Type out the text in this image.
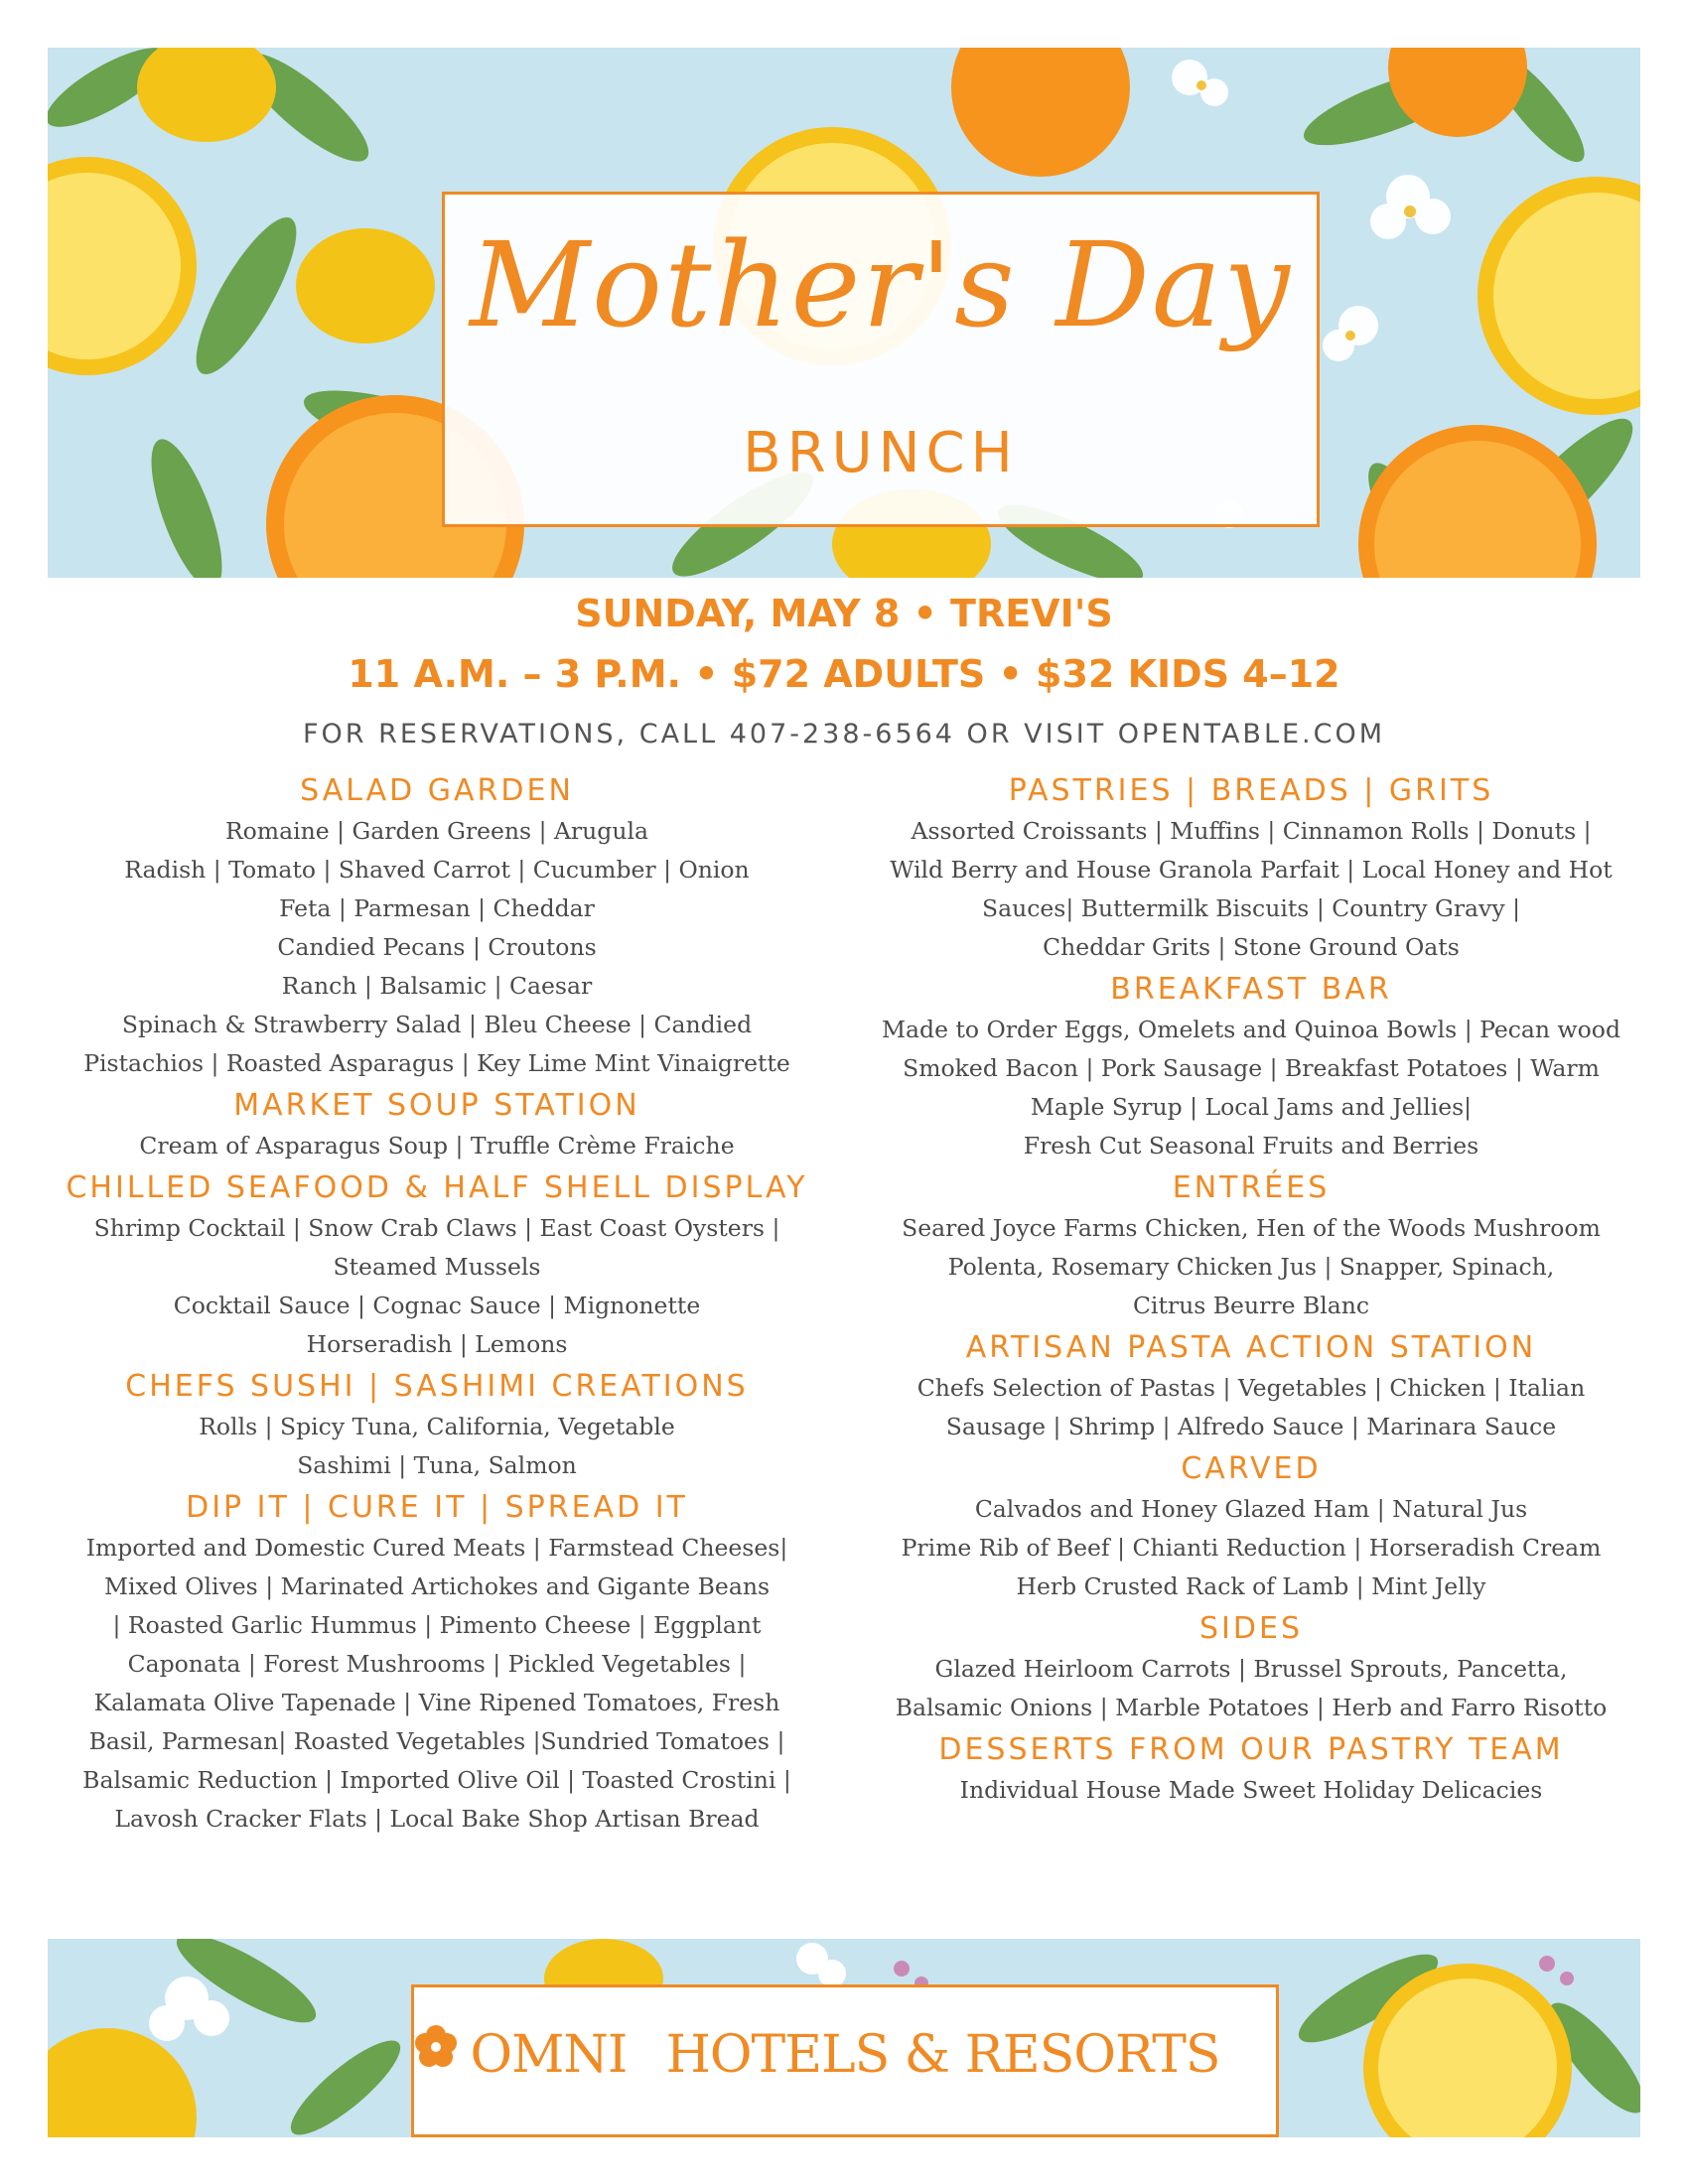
Mother's Day
BRUNCH
SUNDAY, MAY 8 • TREVI'S
11 A.M. – 3 P.M. • $72 ADULTS • $32 KIDS 4–12
FOR RESERVATIONS, CALL 407-238-6564 OR VISIT OPENTABLE.COM
SALAD GARDEN
Romaine | Garden Greens | Arugula
Radish | Tomato | Shaved Carrot | Cucumber | Onion
Feta | Parmesan | Cheddar
Candied Pecans | Croutons
Ranch | Balsamic | Caesar
Spinach & Strawberry Salad | Bleu Cheese | Candied
Pistachios | Roasted Asparagus | Key Lime Mint Vinaigrette
MARKET SOUP STATION
Cream of Asparagus Soup | Truffle Crème Fraiche
CHILLED SEAFOOD & HALF SHELL DISPLAY
Shrimp Cocktail | Snow Crab Claws | East Coast Oysters |
Steamed Mussels
Cocktail Sauce | Cognac Sauce | Mignonette
Horseradish | Lemons
CHEFS SUSHI | SASHIMI CREATIONS
Rolls | Spicy Tuna, California, Vegetable
Sashimi | Tuna, Salmon
DIP IT | CURE IT | SPREAD IT
Imported and Domestic Cured Meats | Farmstead Cheeses|
Mixed Olives | Marinated Artichokes and Gigante Beans
| Roasted Garlic Hummus | Pimento Cheese | Eggplant
Caponata | Forest Mushrooms | Pickled Vegetables |
Kalamata Olive Tapenade | Vine Ripened Tomatoes, Fresh
Basil, Parmesan| Roasted Vegetables |Sundried Tomatoes |
Balsamic Reduction | Imported Olive Oil | Toasted Crostini |
Lavosh Cracker Flats | Local Bake Shop Artisan Bread
PASTRIES | BREADS | GRITS
Assorted Croissants | Muffins | Cinnamon Rolls | Donuts |
Wild Berry and House Granola Parfait | Local Honey and Hot
Sauces| Buttermilk Biscuits | Country Gravy |
Cheddar Grits | Stone Ground Oats
BREAKFAST BAR
Made to Order Eggs, Omelets and Quinoa Bowls | Pecan wood
Smoked Bacon | Pork Sausage | Breakfast Potatoes | Warm
Maple Syrup | Local Jams and Jellies|
Fresh Cut Seasonal Fruits and Berries
ENTRÉES
Seared Joyce Farms Chicken, Hen of the Woods Mushroom
Polenta, Rosemary Chicken Jus | Snapper, Spinach,
Citrus Beurre Blanc
ARTISAN PASTA ACTION STATION
Chefs Selection of Pastas | Vegetables | Chicken | Italian
Sausage | Shrimp | Alfredo Sauce | Marinara Sauce
CARVED
Calvados and Honey Glazed Ham | Natural Jus
Prime Rib of Beef | Chianti Reduction | Horseradish Cream
Herb Crusted Rack of Lamb | Mint Jelly
SIDES
Glazed Heirloom Carrots | Brussel Sprouts, Pancetta,
Balsamic Onions | Marble Potatoes | Herb and Farro Risotto
DESSERTS FROM OUR PASTRY TEAM
Individual House Made Sweet Holiday Delicacies
OMNI HOTELS & RESORTS
